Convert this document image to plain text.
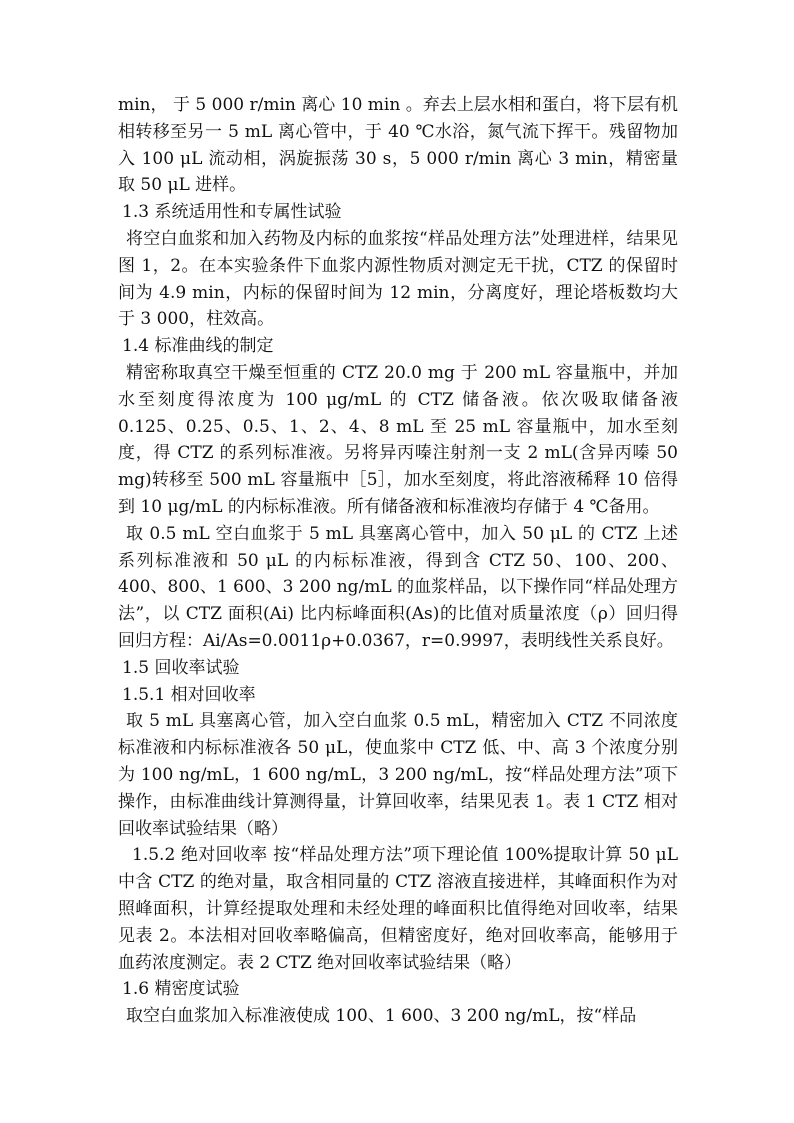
min， 于 5 000 r/min 离心 10 min 。弃去上层水相和蛋白，将下层有机相转移至另一 5 mL 离心管中，于 40 ℃水浴，氮气流下挥干。残留物加入 100 μL 流动相，涡旋振荡 30 s，5 000 r/min 离心 3 min，精密量取 50 μL 进样。

1.3 系统适用性和专属性试验

将空白血浆和加入药物及内标的血浆按“样品处理方法”处理进样，结果见图 1，2。在本实验条件下血浆内源性物质对测定无干扰，CTZ 的保留时间为 4.9 min，内标的保留时间为 12 min，分离度好，理论塔板数均大于 3 000，柱效高。

1.4 标准曲线的制定

精密称取真空干燥至恒重的 CTZ 20.0 mg 于 200 mL 容量瓶中，并加水至刻度得浓度为 100 μg/mL 的 CTZ 储备液。依次吸取储备液 0.125、0.25、0.5、1、2、4、8 mL 至 25 mL 容量瓶中，加水至刻度，得 CTZ 的系列标准液。另将异丙嗪注射剂一支 2 mL(含异丙嗪 50 mg)转移至 500 mL 容量瓶中［5］，加水至刻度，将此溶液稀释 10 倍得到 10 μg/mL 的内标标准液。所有储备液和标准液均存储于 4 ℃备用。

取 0.5 mL 空白血浆于 5 mL 具塞离心管中，加入 50 μL 的 CTZ 上述系列标准液和 50 μL 的内标标准液，得到含 CTZ 50、100、200、400、800、1 600、3 200 ng/mL 的血浆样品，以下操作同“样品处理方法”，以 CTZ 面积(Ai) 比内标峰面积(As)的比值对质量浓度（ρ）回归得回归方程：Ai/As=0.0011ρ+0.0367，r=0.9997，表明线性关系良好。

1.5 回收率试验

1.5.1 相对回收率

取 5 mL 具塞离心管，加入空白血浆 0.5 mL，精密加入 CTZ 不同浓度标准液和内标标准液各 50 μL，使血浆中 CTZ 低、中、高 3 个浓度分别为 100 ng/mL，1 600 ng/mL，3 200 ng/mL，按“样品处理方法”项下操作，由标准曲线计算测得量，计算回收率，结果见表 1。表 1 CTZ 相对回收率试验结果（略）

1.5.2 绝对回收率 按“样品处理方法”项下理论值 100%提取计算 50 μL 中含 CTZ 的绝对量，取含相同量的 CTZ 溶液直接进样，其峰面积作为对照峰面积，计算经提取处理和未经处理的峰面积比值得绝对回收率，结果见表 2。本法相对回收率略偏高，但精密度好，绝对回收率高，能够用于血药浓度测定。表 2 CTZ 绝对回收率试验结果（略）

1.6 精密度试验

取空白血浆加入标准液使成 100、1 600、3 200 ng/mL，按“样品
